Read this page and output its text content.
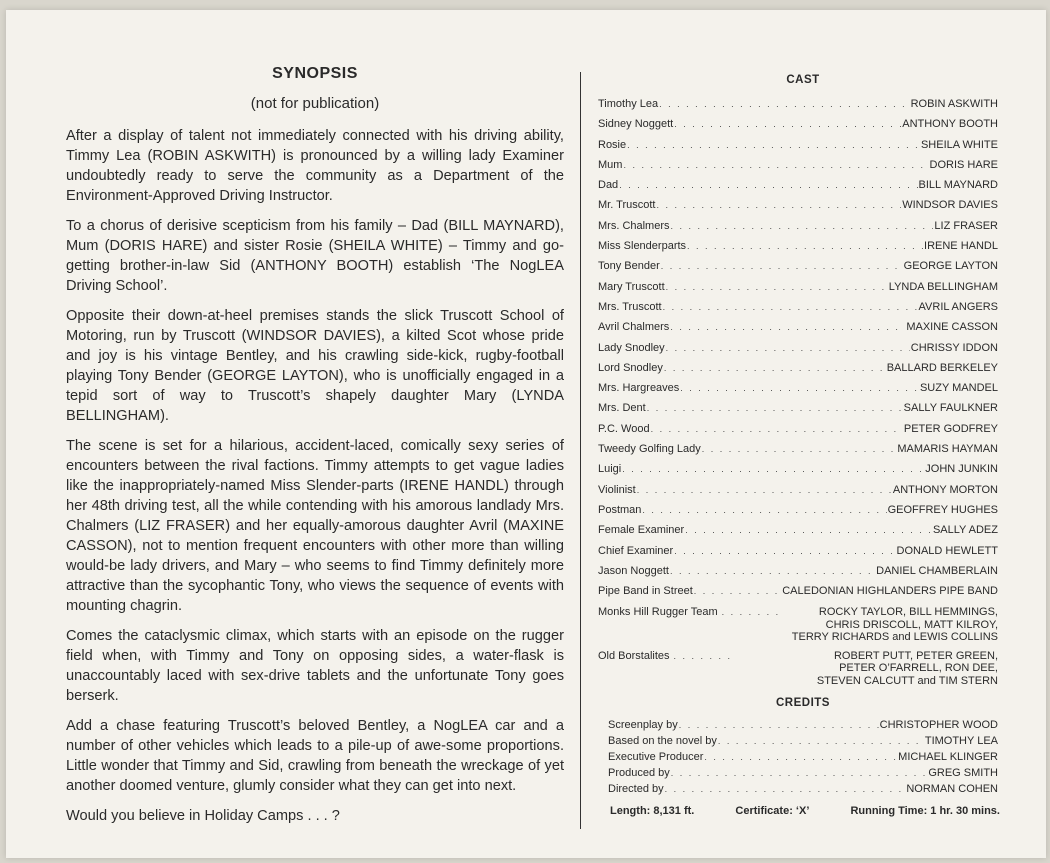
SYNOPSIS
(not for publication)

After a display of talent not immediately connected with his driving ability, Timmy Lea (ROBIN ASKWITH) is pronounced by a willing lady Examiner undoubtedly ready to serve the community as a Department of the Environment-Approved Driving Instructor.

To a chorus of derisive scepticism from his family – Dad (BILL MAYNARD), Mum (DORIS HARE) and sister Rosie (SHEILA WHITE) – Timmy and go-getting brother-in-law Sid (ANTHONY BOOTH) establish ‘The NogLEA Driving School’.

Opposite their down-at-heel premises stands the slick Truscott School of Motoring, run by Truscott (WINDSOR DAVIES), a kilted Scot whose pride and joy is his vintage Bentley, and his crawling side-kick, rugby-football playing Tony Bender (GEORGE LAYTON), who is unofficially engaged in a tepid sort of way to Truscott’s shapely daughter Mary (LYNDA BELLINGHAM).

The scene is set for a hilarious, accident-laced, comically sexy series of encounters between the rival factions. Timmy attempts to get vague ladies like the inappropriately-named Miss Slender-parts (IRENE HANDL) through her 48th driving test, all the while contending with his amorous landlady Mrs. Chalmers (LIZ FRASER) and her equally-amorous daughter Avril (MAXINE CASSON), not to mention frequent encounters with other more than willing would-be lady drivers, and Mary – who seems to find Timmy definitely more attractive than the sycophantic Tony, who views the sequence of events with mounting chagrin.

Comes the cataclysmic climax, which starts with an episode on the rugger field when, with Timmy and Tony on opposing sides, a water-flask is unaccountably laced with sex-drive tablets and the unfortunate Tony goes berserk.

Add a chase featuring Truscott’s beloved Bentley, a NogLEA car and a number of other vehicles which leads to a pile-up of awe-some proportions. Little wonder that Timmy and Sid, crawling from beneath the wreckage of yet another doomed venture, glumly consider what they can get into next.

Would you believe in Holiday Camps . . . ?

CAST
Timothy Lea . . .	ROBIN ASKWITH
Sidney Noggett . . .	ANTHONY BOOTH
Rosie . . .	SHEILA WHITE
Mum . . .	DORIS HARE
Dad . . .	BILL MAYNARD
Mr. Truscott . . .	WINDSOR DAVIES
Mrs. Chalmers . . .	LIZ FRASER
Miss Slenderparts . . .	IRENE HANDL
Tony Bender . . .	GEORGE LAYTON
Mary Truscott . . .	LYNDA BELLINGHAM
Mrs. Truscott . . .	AVRIL ANGERS
Avril Chalmers . . .	MAXINE CASSON
Lady Snodley . . .	CHRISSY IDDON
Lord Snodley . . .	BALLARD BERKELEY
Mrs. Hargreaves . . .	SUZY MANDEL
Mrs. Dent . . .	SALLY FAULKNER
P.C. Wood . . .	PETER GODFREY
Tweedy Golfing Lady . . .	MAMARIS HAYMAN
Luigi . . .	JOHN JUNKIN
Violinist . . .	ANTHONY MORTON
Postman . . .	GEOFFREY HUGHES
Female Examiner . . .	SALLY ADEZ
Chief Examiner . . .	DONALD HEWLETT
Jason Noggett . . .	DANIEL CHAMBERLAIN
Pipe Band in Street . . .	CALEDONIAN HIGHLANDERS PIPE BAND
Monks Hill Rugger Team . . .	ROCKY TAYLOR, BILL HEMMINGS,
CHRIS DRISCOLL, MATT KILROY,
TERRY RICHARDS and LEWIS COLLINS
Old Borstalites . . .	ROBERT PUTT, PETER GREEN,
PETER O’FARRELL, RON DEE,
STEVEN CALCUTT and TIM STERN
CREDITS
Screenplay by . . .	CHRISTOPHER WOOD
Based on the novel by . . .	TIMOTHY LEA
Executive Producer . . .	MICHAEL KLINGER
Produced by . . .	GREG SMITH
Directed by . . .	NORMAN COHEN
Length: 8,131 ft.	Certificate: ‘X’	Running Time: 1 hr. 30 mins.
